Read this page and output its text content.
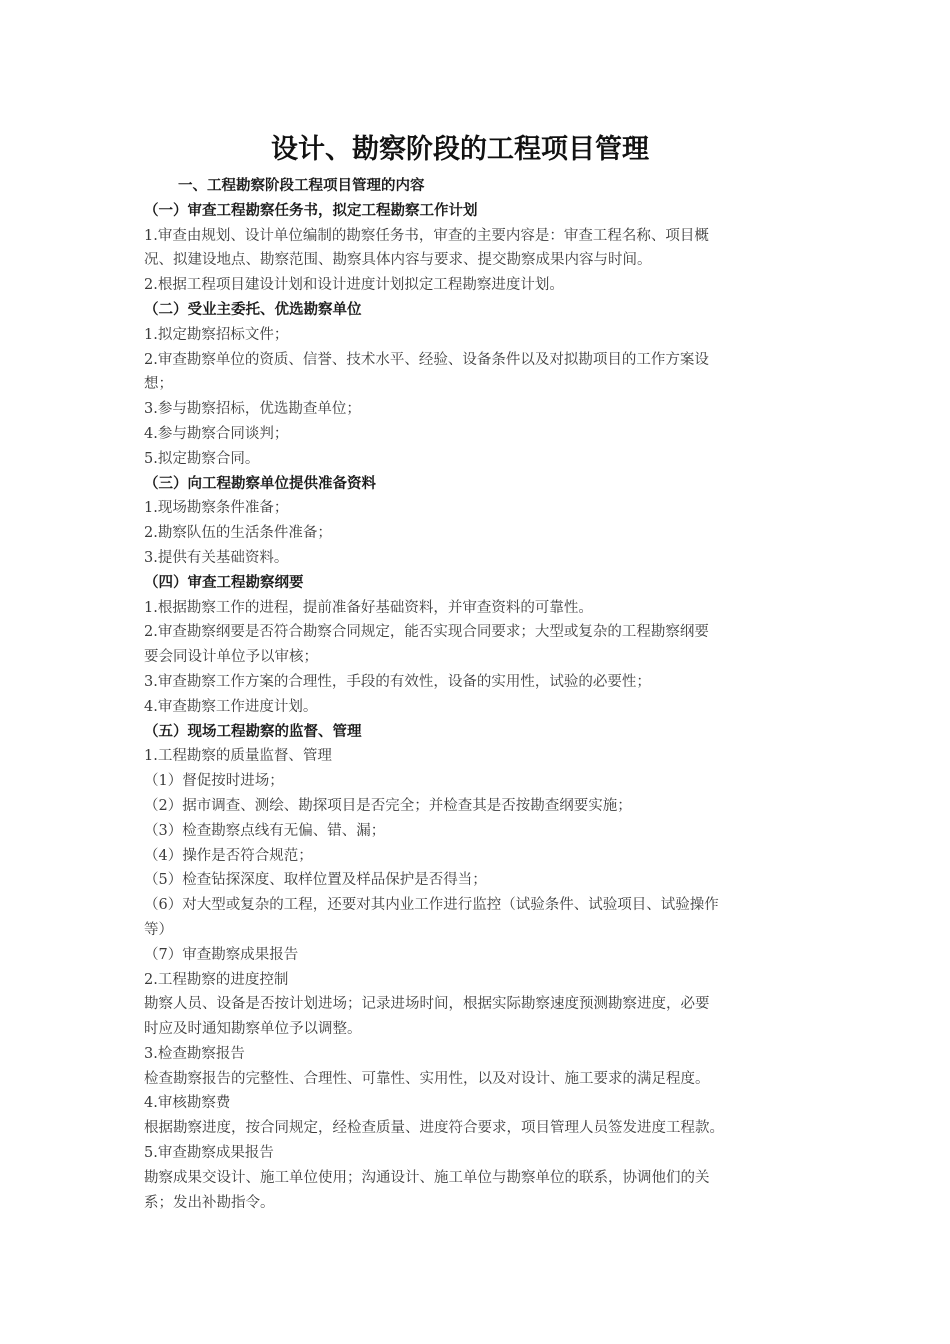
设计、勘察阶段的工程项目管理
一、工程勘察阶段工程项目管理的内容
（一）审查工程勘察任务书，拟定工程勘察工作计划
1.审查由规划、设计单位编制的勘察任务书，审查的主要内容是：审查工程名称、项目概
况、拟建设地点、勘察范围、勘察具体内容与要求、提交勘察成果内容与时间。
2.根据工程项目建设计划和设计进度计划拟定工程勘察进度计划。
（二）受业主委托、优选勘察单位
1.拟定勘察招标文件；
2.审查勘察单位的资质、信誉、技术水平、经验、设备条件以及对拟勘项目的工作方案设
想；
3.参与勘察招标，优选勘查单位；
4.参与勘察合同谈判；
5.拟定勘察合同。
（三）向工程勘察单位提供准备资料
1.现场勘察条件准备；
2.勘察队伍的生活条件准备；
3.提供有关基础资料。
（四）审查工程勘察纲要
1.根据勘察工作的进程，提前准备好基础资料，并审查资料的可靠性。
2.审查勘察纲要是否符合勘察合同规定，能否实现合同要求；大型或复杂的工程勘察纲要
要会同设计单位予以审核；
3.审查勘察工作方案的合理性，手段的有效性，设备的实用性，试验的必要性；
4.审查勘察工作进度计划。
（五）现场工程勘察的监督、管理
1.工程勘察的质量监督、管理
（1）督促按时进场；
（2）据市调查、测绘、勘探项目是否完全；并检查其是否按勘查纲要实施；
（3）检查勘察点线有无偏、错、漏；
（4）操作是否符合规范；
（5）检查钻探深度、取样位置及样品保护是否得当；
（6）对大型或复杂的工程，还要对其内业工作进行监控（试验条件、试验项目、试验操作
等）
（7）审查勘察成果报告
2.工程勘察的进度控制
勘察人员、设备是否按计划进场；记录进场时间，根据实际勘察速度预测勘察进度，必要
时应及时通知勘察单位予以调整。
3.检查勘察报告
检查勘察报告的完整性、合理性、可靠性、实用性，以及对设计、施工要求的满足程度。
4.审核勘察费
根据勘察进度，按合同规定，经检查质量、进度符合要求，项目管理人员签发进度工程款。
5.审查勘察成果报告
勘察成果交设计、施工单位使用；沟通设计、施工单位与勘察单位的联系，协调他们的关
系；发出补勘指令。
